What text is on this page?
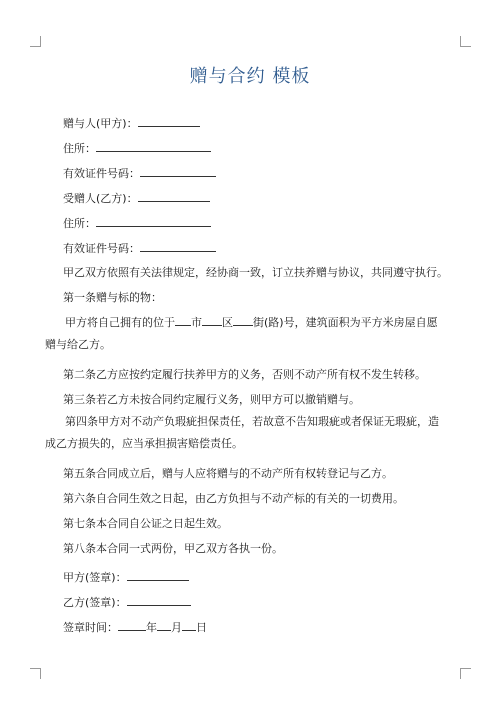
赠与合约 模板
赠与人(甲方)：
住所：
有效证件号码：
受赠人(乙方)：
住所：
有效证件号码：
甲乙双方依照有关法律规定，经协商一致，订立扶养赠与协议，共同遵守执行。
第一条赠与标的物：
甲方将自己拥有的位于 市 区 街(路)号，建筑面积为平方米房屋自愿赠与给乙方。
第二条乙方应按约定履行扶养甲方的义务，否则不动产所有权不发生转移。
第三条若乙方未按合同约定履行义务，则甲方可以撤销赠与。
第四条甲方对不动产负瑕疵担保责任，若故意不告知瑕疵或者保证无瑕疵，造成乙方损失的，应当承担损害赔偿责任。
第五条合同成立后，赠与人应将赠与的不动产所有权转登记与乙方。
第六条自合同生效之日起，由乙方负担与不动产标的有关的一切费用。
第七条本合同自公证之日起生效。
第八条本合同一式两份，甲乙双方各执一份。
甲方(签章)：
乙方(签章)：
签章时间：	年 月 日
